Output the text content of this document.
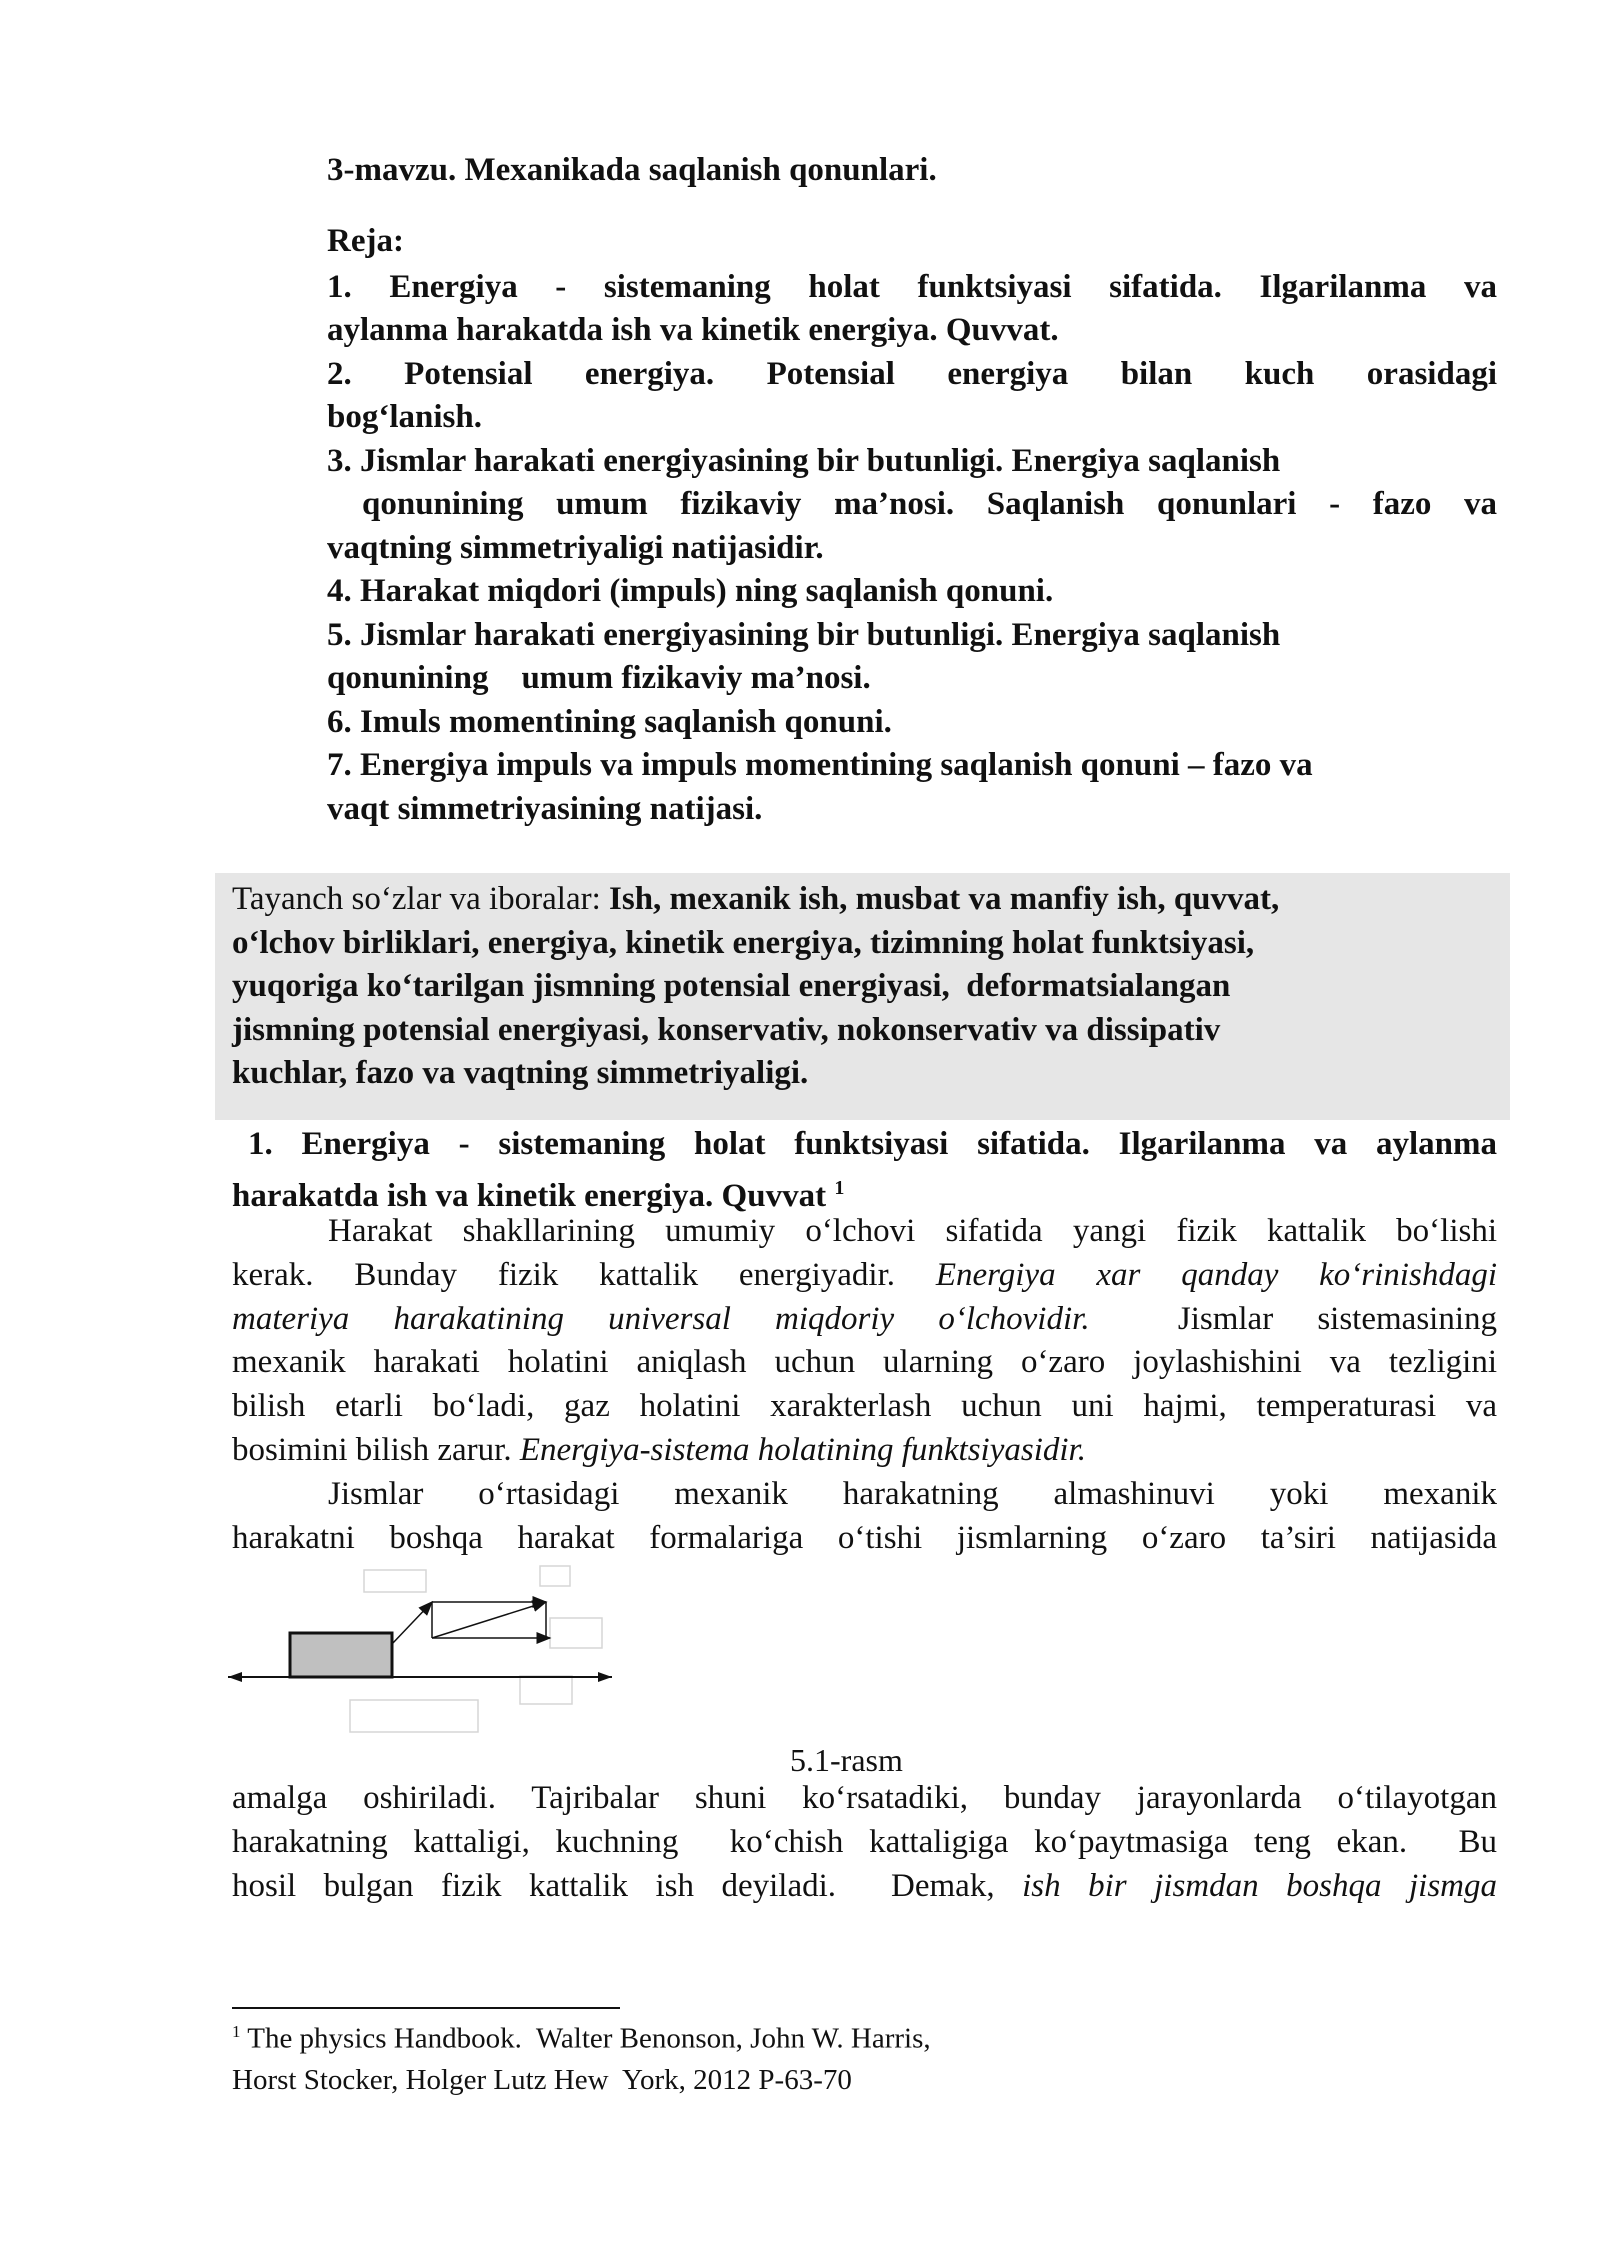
3-mavzu. Mexanikada saqlanish qonunlari.
Reja:
1. Energiya - sistemaning holat funktsiyasi sifatida. Ilgarilanma va
aylanma harakatda ish va kinetik energiya. Quvvat.
2. Potensial energiya. Potensial energiya bilan kuch orasidagi
bog‘lanish.
3. Jismlar harakati energiyasining bir butunligi. Energiya saqlanish
qonunining umum fizikaviy ma’nosi. Saqlanish qonunlari - fazo va
vaqtning simmetriyaligi natijasidir.
4. Harakat miqdori (impuls) ning saqlanish qonuni.
5. Jismlar harakati energiyasining bir butunligi. Energiya saqlanish
qonunining    umum fizikaviy ma’nosi.
6. Imuls momentining saqlanish qonuni.
7. Energiya impuls va impuls momentining saqlanish qonuni – fazo va
vaqt simmetriyasining natijasi.
Tayanch so‘zlar va iboralar: Ish, mexanik ish, musbat va manfiy ish, quvvat,
o‘lchov birliklari, energiya, kinetik energiya, tizimning holat funktsiyasi,
yuqoriga ko‘tarilgan jismning potensial energiyasi,  deformatsialangan
jismning potensial energiyasi, konservativ, nokonservativ va dissipativ
kuchlar, fazo va vaqtning simmetriyaligi.
1. Energiya - sistemaning holat funktsiyasi sifatida. Ilgarilanma va aylanma
harakatda ish va kinetik energiya. Quvvat $^1$
Harakat shakllarining umumiy o‘lchovi sifatida yangi fizik kattalik bo‘lishi
kerak. Bunday fizik kattalik energiyadir. Energiya xar qanday ko‘rinishdagi
materiya harakatining universal miqdoriy o‘lchovidir.  Jismlar sistemasining
mexanik harakati holatini aniqlash uchun ularning o‘zaro joylashishini va tezligini
bilish etarli bo‘ladi, gaz holatini xarakterlash uchun uni hajmi, temperaturasi va
bosimini bilish zarur. Energiya-sistema holatining funktsiyasidir.
Jismlar o‘rtasidagi mexanik harakatning almashinuvi yoki mexanik
harakatni boshqa harakat formalariga o‘tishi jismlarning o‘zaro ta’siri natijasida
5.1-rasm
amalga oshiriladi. Tajribalar shuni ko‘rsatadiki, bunday jarayonlarda o‘tilayotgan
harakatning kattaligi, kuchning  ko‘chish kattaligiga ko‘paytmasiga teng ekan.  Bu
hosil bulgan fizik kattalik ish deyiladi.  Demak, ish bir jismdan boshqa jismga
$^1$ The physics Handbook.  Walter Benonson, John W. Harris,
Horst Stocker, Holger Lutz Hew  York, 2012 P-63-70
